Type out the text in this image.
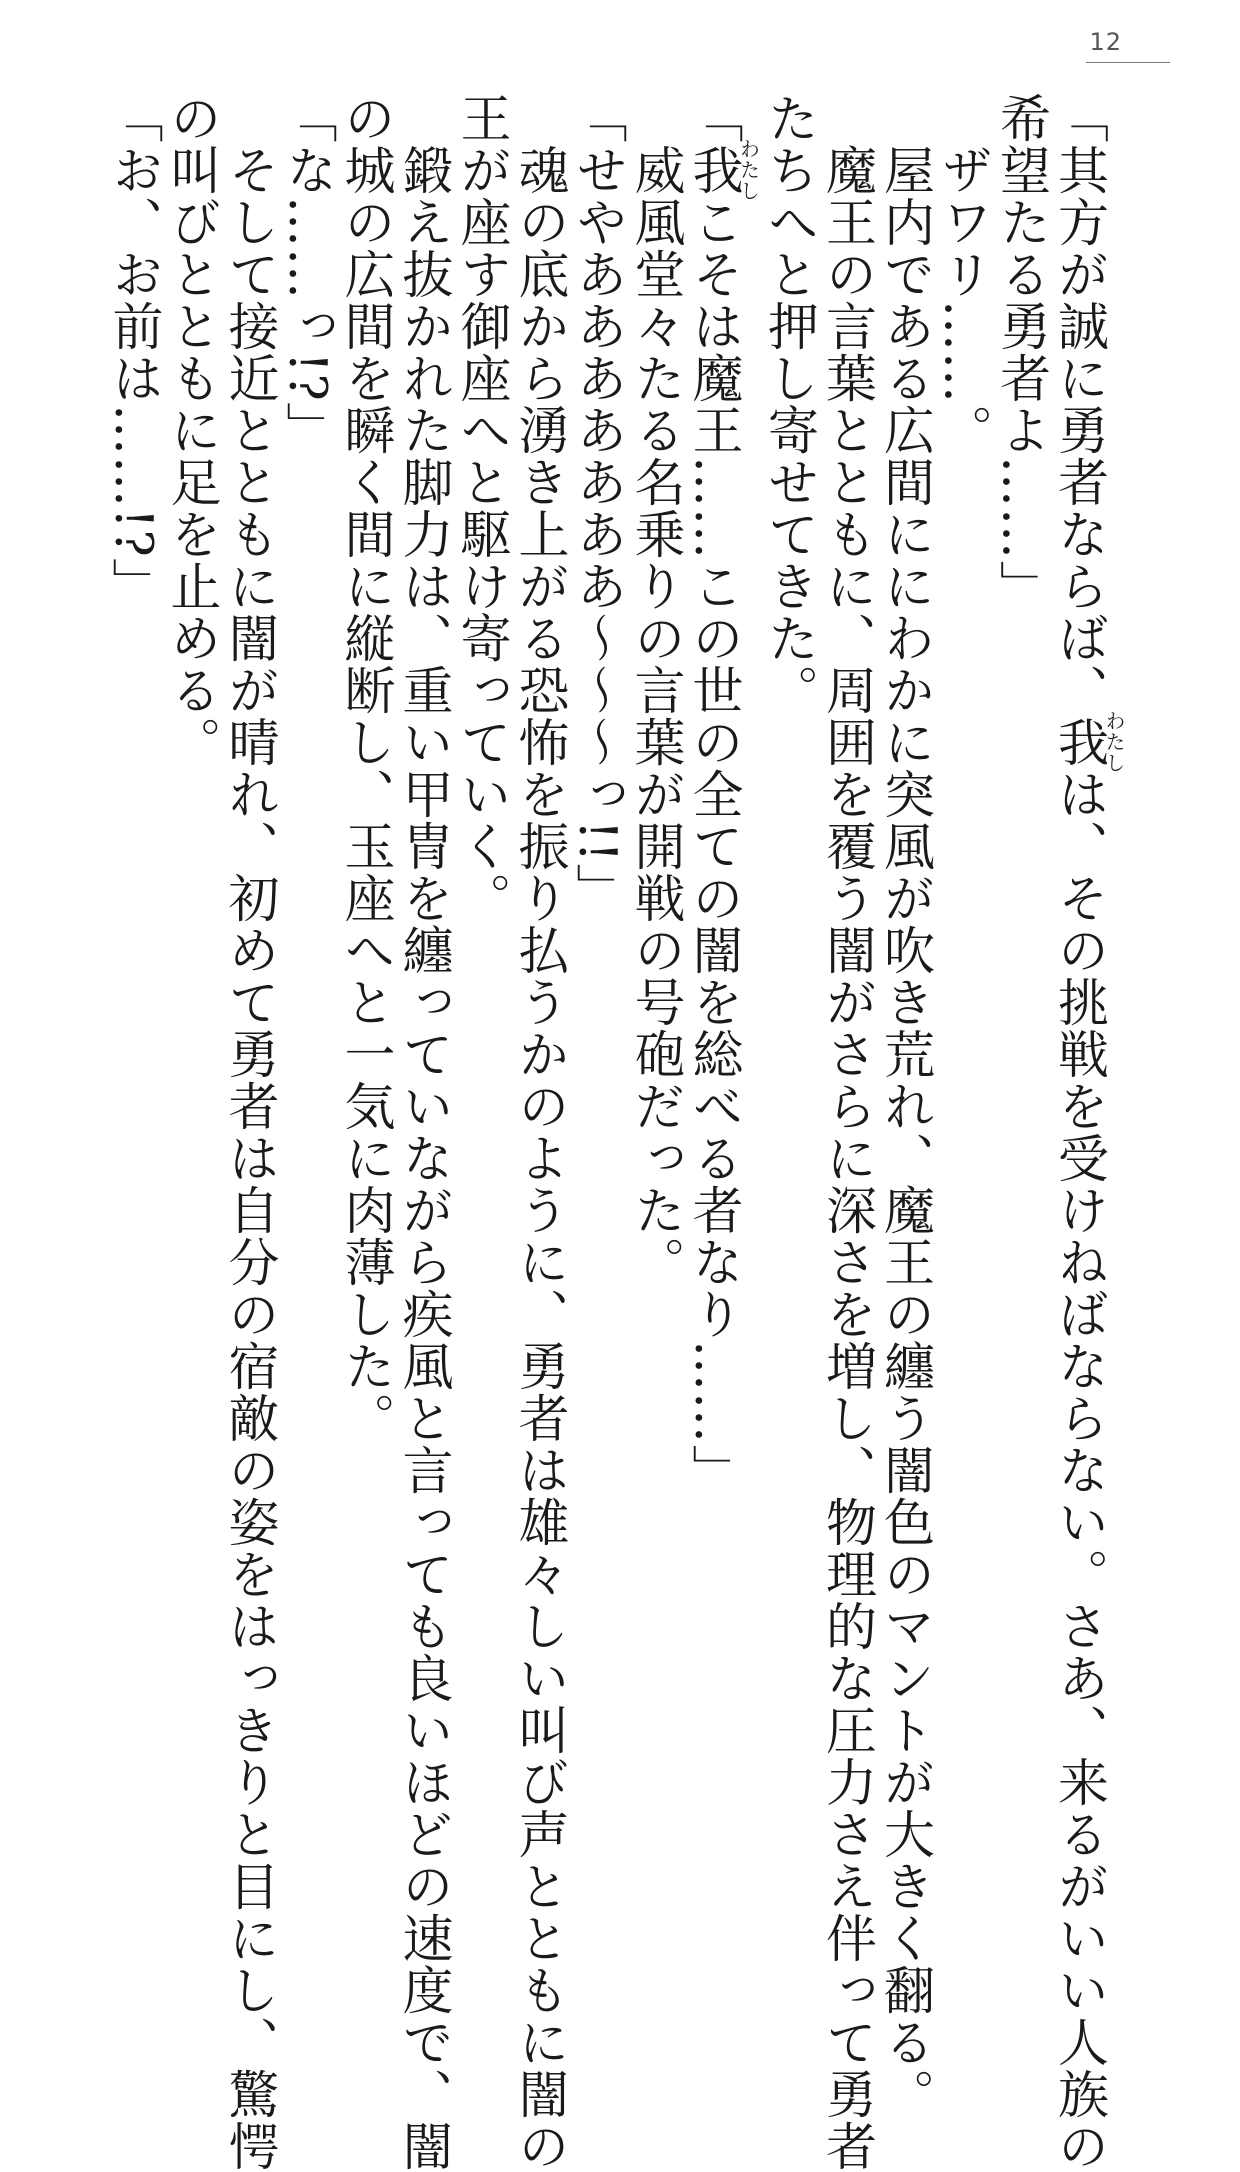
12
「其方が誠に勇者ならば、我わたしは、その挑戦を受けねばならない。さあ、来るがいい人族の
希望たる勇者よ……」
　ザワリ……。
　屋内である広間ににわかに突風が吹き荒れ、魔王の纏う闇色のマントが大きく翻る。
　魔王の言葉とともに、周囲を覆う闇がさらに深さを増し、物理的な圧力さえ伴って勇者
たちへと押し寄せてきた。
「我わたしこそは魔王……この世の全ての闇を総べる者なり……」
　威風堂々たる名乗りの言葉が開戦の号砲だった。
「せやあああああああ〜〜〜っ!!」
　魂の底から湧き上がる恐怖を振り払うかのように、勇者は雄々しい叫び声とともに闇の
王が座す御座へと駆け寄っていく。
　鍛え抜かれた脚力は、重い甲冑を纏っていながら疾風と言っても良いほどの速度で、闇
の城の広間を瞬く間に縦断し、玉座へと一気に肉薄した。
「な……っ!?」
　そして接近とともに闇が晴れ、初めて勇者は自分の宿敵の姿をはっきりと目にし、驚愕
の叫びとともに足を止める。
「お、お前は……!?」
